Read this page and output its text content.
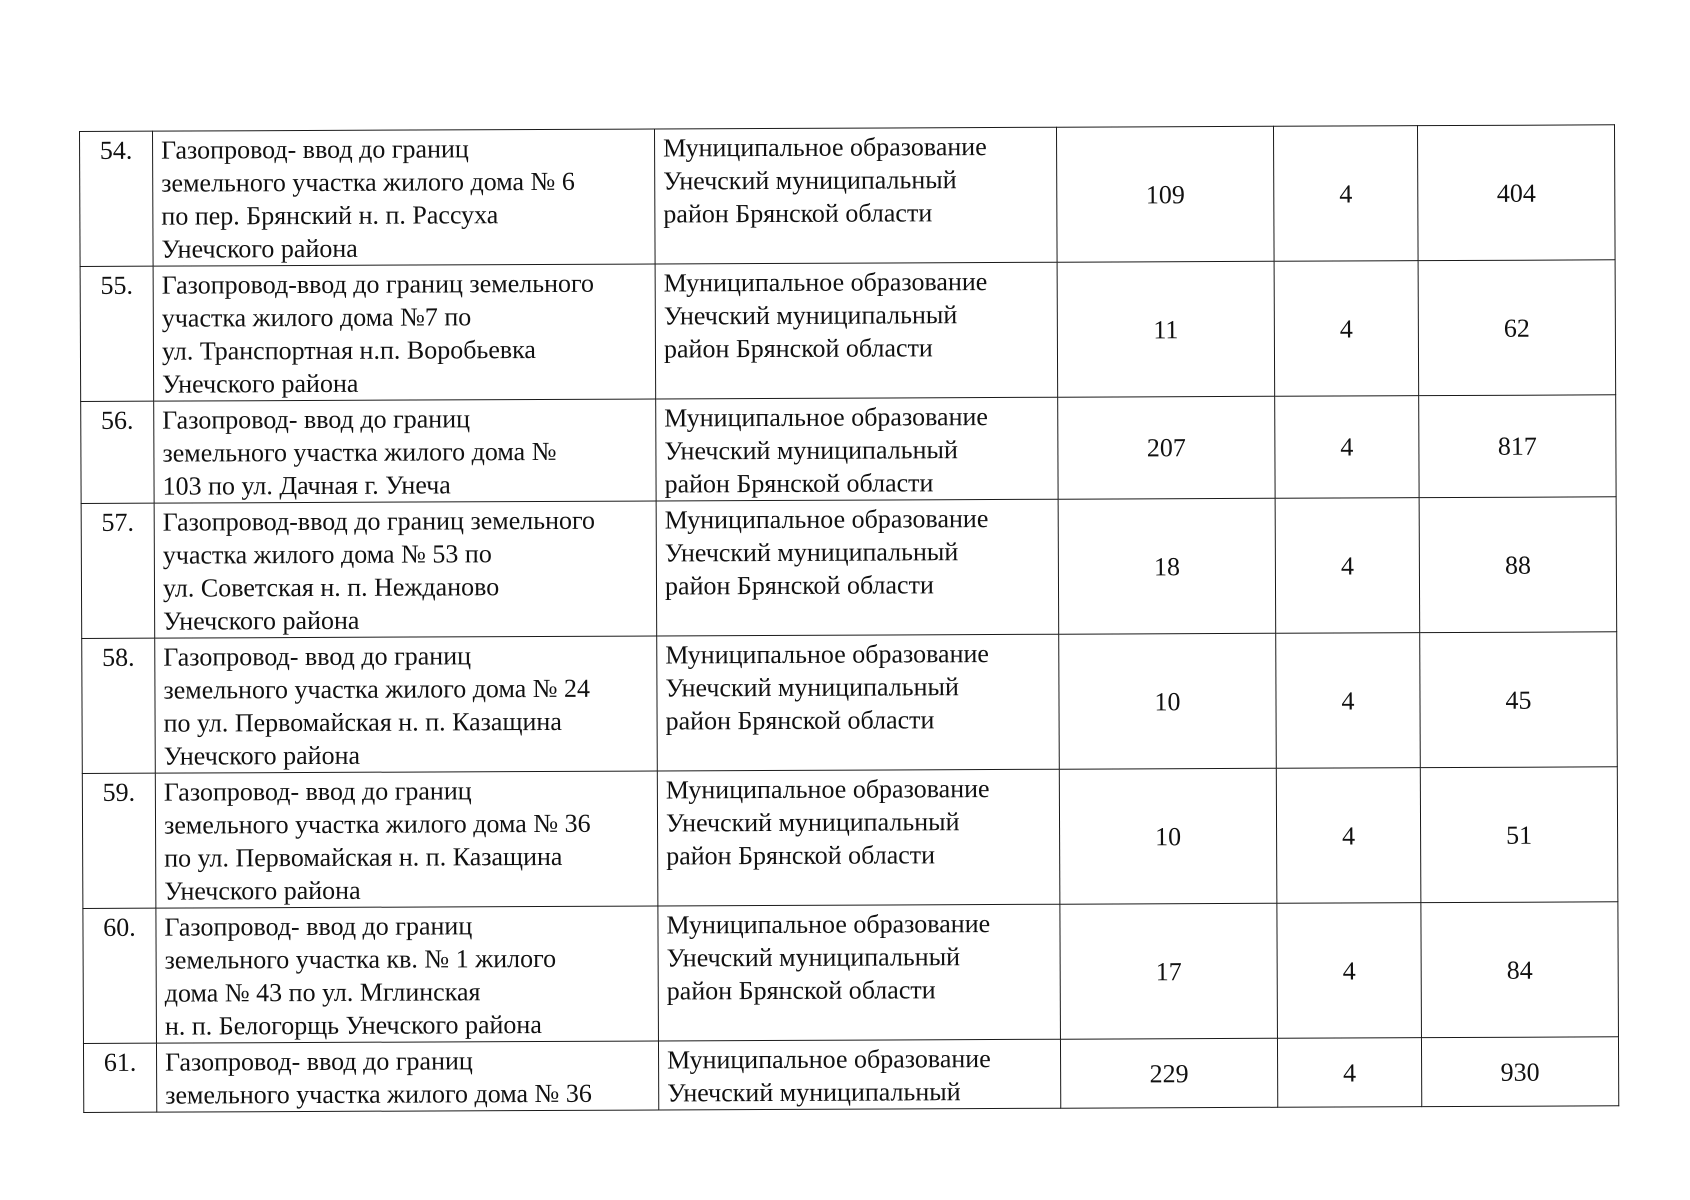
54.	Газопровод- ввод до границ
земельного участка жилого дома № 6
по пер. Брянский н. п. Рассуха
Унечского района	Муниципальное образование
Унечский муниципальный
район Брянской области	109	4	404
55.	Газопровод-ввод до границ земельного
участка жилого дома №7 по
ул. Транспортная н.п. Воробьевка
Унечского района	Муниципальное образование
Унечский муниципальный
район Брянской области	11	4	62
56.	Газопровод- ввод до границ
земельного участка жилого дома №
103 по ул. Дачная г. Унеча	Муниципальное образование
Унечский муниципальный
район Брянской области	207	4	817
57.	Газопровод-ввод до границ земельного
участка жилого дома № 53 по
ул. Советская н. п. Нежданово
Унечского района	Муниципальное образование
Унечский муниципальный
район Брянской области	18	4	88
58.	Газопровод- ввод до границ
земельного участка жилого дома № 24
по ул. Первомайская н. п. Казащина
Унечского района	Муниципальное образование
Унечский муниципальный
район Брянской области	10	4	45
59.	Газопровод- ввод до границ
земельного участка жилого дома № 36
по ул. Первомайская н. п. Казащина
Унечского района	Муниципальное образование
Унечский муниципальный
район Брянской области	10	4	51
60.	Газопровод- ввод до границ
земельного участка кв. № 1 жилого
дома № 43 по ул. Мглинская
н. п. Белогорщь Унечского района	Муниципальное образование
Унечский муниципальный
район Брянской области	17	4	84
61.	Газопровод- ввод до границ
земельного участка жилого дома № 36	Муниципальное образование
Унечский муниципальный	229	4	930
